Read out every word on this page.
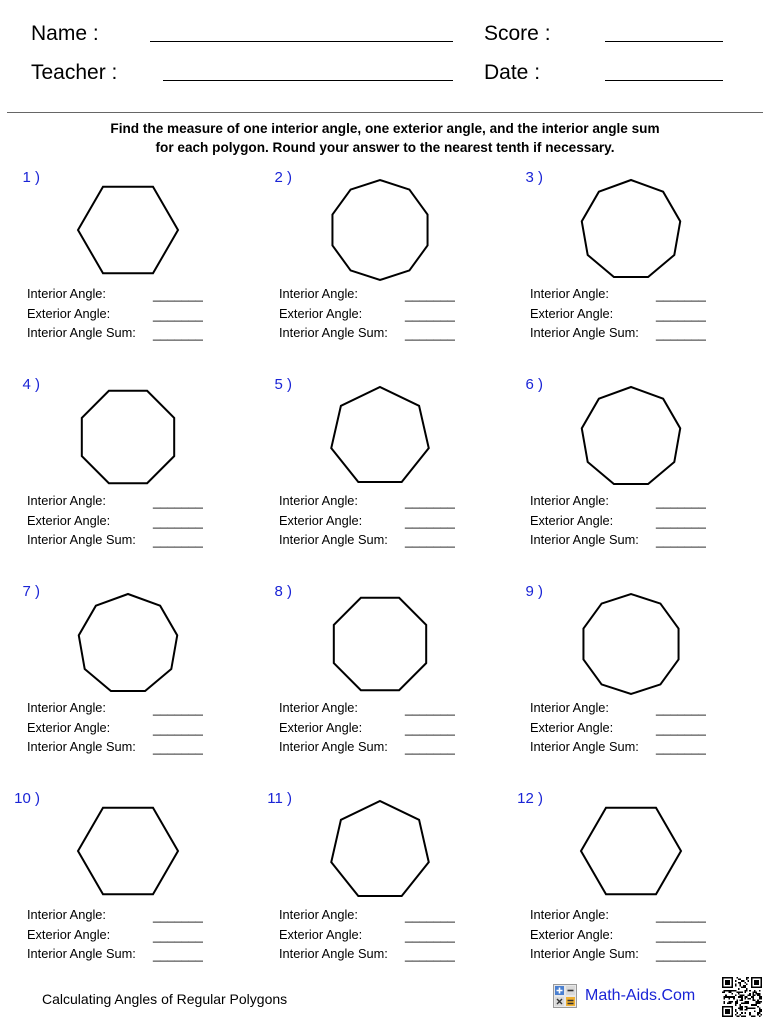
Name :	Score :
Teacher :	Date :
Find the measure of one interior angle, one exterior angle, and the interior angle sum
for each polygon. Round your answer to the nearest tenth if necessary.
1 )
Interior Angle:	_______
Exterior Angle:	_______
Interior Angle Sum: _______
2 )
Interior Angle:	_______
Exterior Angle:	_______
Interior Angle Sum: _______
3 )
Interior Angle:	_______
Exterior Angle:	_______
Interior Angle Sum: _______
4 )
Interior Angle:	_______
Exterior Angle:	_______
Interior Angle Sum: _______
5 )
Interior Angle:	_______
Exterior Angle:	_______
Interior Angle Sum: _______
6 )
Interior Angle:	_______
Exterior Angle:	_______
Interior Angle Sum: _______
7 )
Interior Angle:	_______
Exterior Angle:	_______
Interior Angle Sum: _______
8 )
Interior Angle:	_______
Exterior Angle:	_______
Interior Angle Sum: _______
9 )
Interior Angle:	_______
Exterior Angle:	_______
Interior Angle Sum: _______
10 )
Interior Angle:	_______
Exterior Angle:	_______
Interior Angle Sum: _______
11 )
Interior Angle:	_______
Exterior Angle:	_______
Interior Angle Sum: _______
12 )
Interior Angle:	_______
Exterior Angle:	_______
Interior Angle Sum: _______
Calculating Angles of Regular Polygons	Math-Aids.Com
